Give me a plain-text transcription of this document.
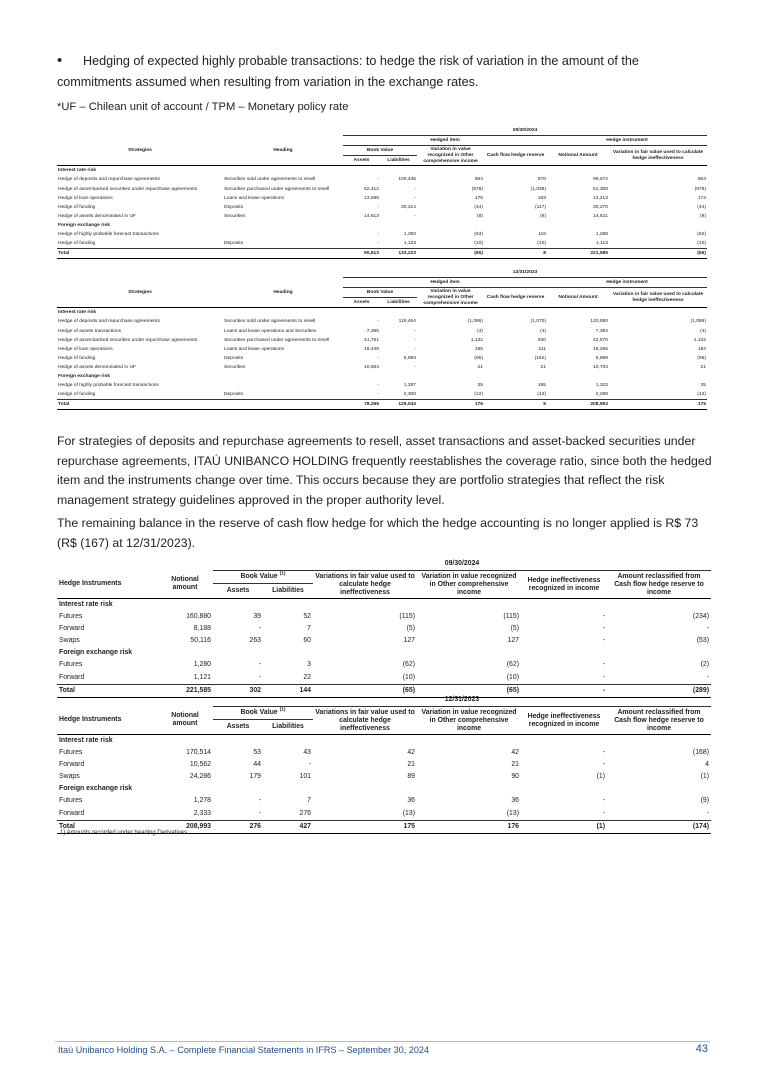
• Hedging of expected highly probable transactions: to hedge the risk of variation in the amount of the commitments assumed when resulting from variation in the exchange rates.
*UF – Chilean unit of account / TPM – Monetary policy rate
		09/30/2024					
Strategies	Heading	Hedged item				Hedge instrument	
		Book Value		Variation in value recognized in Other comprehensive income	Cash flow hedge reserve	Notional Amount	Variation in fair value used to calculate hedge ineffectiveness
		Assets	Liabilities				
Interest rate risk							
Hedge of deposits and repurchase agreements	Securities sold under agreements to resell	-	100,436	864	870	99,572	864
Hedge of asset-backed securities under repurchase agreements	Securities purchased under agreements to resell	62,412	-	(978)	(1,038)	61,308	(978)
Hedge of loan operations	Loans and lease operations	13,588	-	175	183	13,413	174
Hedge of funding	Deposits	-	30,314	(44)	(117)	30,270	(44)
Hedge of assets denominated in UF	Securities	14,613	-	(8)	(8)	14,621	(8)
Foreign exchange risk							
Hedge of highly probable forecast transactions		-	1,350	(63)	118	1,288	(62)
Hedge of funding	Deposits	-	1,123	(10)	(10)	1,113	(10)
Total		90,613	133,223	(65)	8	221,585	(65)
		12/31/2023					
Strategies	Heading	Hedged item				Hedge instrument	
		Book Value		Variation in value recognized in Other comprehensive income	Cash flow hedge reserve	Notional Amount	Variation in fair value used to calculate hedge ineffectiveness
		Assets	Liabilities				
Interest rate risk							
Hedge of deposits and repurchase agreements	Securities sold under agreements to resell	-	119,464	(1,086)	(1,070)	120,550	(1,086)
Hedge of assets transactions	Loans and lease operations and Securities	7,395	-	(4)	(4)	7,394	(4)
Hedge of asset-backed securities under repurchase agreements	Securities purchased under agreements to resell	41,761	-	1,132	930	42,570	1,132
Hedge of loan operations	Loans and lease operations	18,449	-	185	211	18,265	184
Hedge of funding	Deposits	-	5,993	(95)	(162)	5,899	(95)
Hedge of assets denominated in UF	Securities	10,664	-	21	21	10,704	21
Foreign exchange risk							
Hedge of highly probable forecast transactions		-	1,287	35	195	1,323	35
Hedge of funding	Deposits	-	2,300	(12)	(12)	2,288	(12)
Total		78,269	129,044	176	9	208,993	175
For strategies of deposits and repurchase agreements to resell, asset transactions and asset-backed securities under repurchase agreements, ITAÚ UNIBANCO HOLDING frequently reestablishes the coverage ratio, since both the hedged item and the instruments change over time. This occurs because they are portfolio strategies that reflect the risk management strategy guidelines approved in the proper authority level.
The remaining balance in the reserve of cash flow hedge for which the hedge accounting is no longer applied is R$ 73 (R$ (167) at 12/31/2023).
		09/30/2024					
Hedge Instruments	Notional amount	Book Value $^{(1)}$		Variations in fair value used to calculate hedge ineffectiveness	Variation in value recognized in Other comprehensive income	Hedge ineffectiveness recognized in income	Amount reclassified from Cash flow hedge reserve to income
		Assets	Liabilities				
Interest rate risk							
Futures	160,880	39	52	(115)	(115)	-	(234)
Forward	8,188	-	7	(5)	(5)	-	-
Swaps	50,116	263	60	127	127	-	(53)
Foreign exchange risk							
Futures	1,280	-	3	(62)	(62)	-	(2)
Forward	1,121	-	22	(10)	(10)	-	-
Total	221,585	302	144	(65)	(65)	-	(289)
		12/31/2023					
Hedge Instruments	Notional amount	Book Value $^{(1)}$		Variations in fair value used to calculate hedge ineffectiveness	Variation in value recognized in Other comprehensive income	Hedge ineffectiveness recognized in income	Amount reclassified from Cash flow hedge reserve to income
		Assets	Liabilities				
Interest rate risk							
Futures	170,514	53	43	42	42	-	(168)
Forward	10,562	44	-	21	21	-	4
Swaps	24,286	179	101	89	90	(1)	(1)
Foreign exchange risk							
Futures	1,278	-	7	36	36	-	(9)
Forward	2,333	-	276	(13)	(13)	-	-
Total	208,993	276	427	175	176	(1)	(174)
1) Amounts recorded under heading Derivatives.
Itaú Unibanco Holding S.A. – Complete Financial Statements in IFRS – September 30, 2024	43
